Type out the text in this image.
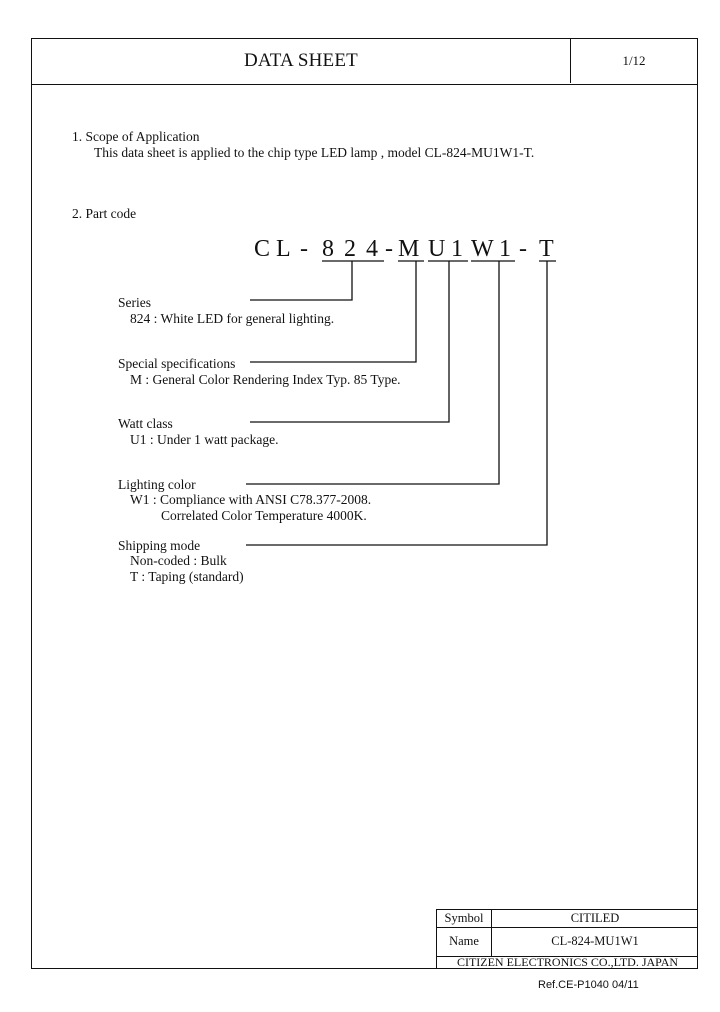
DATA SHEET	1/12
1. Scope of Application
This data sheet is applied to the chip type LED lamp , model CL-824-MU1W1-T.
2. Part code
C L - 8 2 4 - M U 1 W 1 - T
Series
824 : White LED for general lighting.
Special specifications
M : General Color Rendering Index Typ. 85 Type.
Watt class
U1 : Under 1 watt package.
Lighting color
W1 : Compliance with ANSI C78.377-2008.
Correlated Color Temperature 4000K.
Shipping mode
Non-coded : Bulk
T : Taping (standard)
Symbol	CITILED
Name	CL-824-MU1W1
CITIZEN ELECTRONICS CO.,LTD. JAPAN
Ref.CE-P1040 04/11
